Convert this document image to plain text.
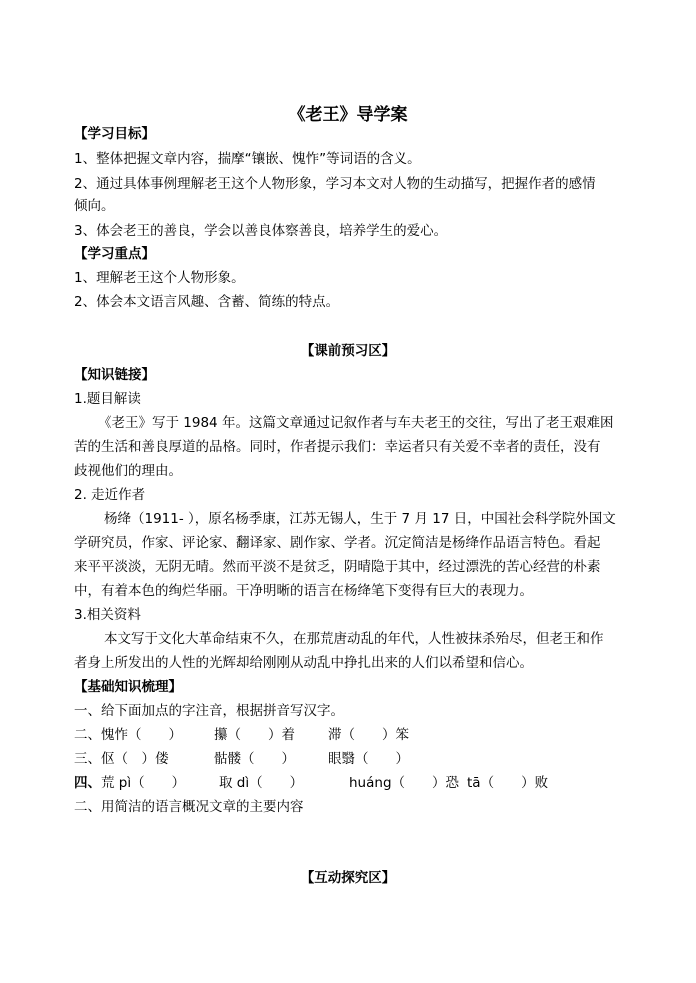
《老王》导学案
【学习目标】
1、整体把握文章内容，揣摩“镶嵌、愧怍”等词语的含义。
2、通过具体事例理解老王这个人物形象，学习本文对人物的生动描写，把握作者的感情
倾向。
3、体会老王的善良，学会以善良体察善良，培养学生的爱心。
【学习重点】
1、理解老王这个人物形象。
2、体会本文语言风趣、含蓄、简练的特点。
【课前预习区】
【知识链接】
1.题目解读
《老王》写于 1984 年。这篇文章通过记叙作者与车夫老王的交往，写出了老王艰难困
苦的生活和善良厚道的品格。同时，作者提示我们：幸运者只有关爱不幸者的责任，没有
歧视他们的理由。
2. 走近作者
杨绛（1911- ），原名杨季康，江苏无锡人，生于 7 月 17 日，中国社会科学院外国文
学研究员，作家、评论家、翻译家、剧作家、学者。沉定简洁是杨绛作品语言特色。看起
来平平淡淡，无阴无晴。然而平淡不是贫乏，阴晴隐于其中，经过漂洗的苦心经营的朴素
中，有着本色的绚烂华丽。干净明晰的语言在杨绛笔下变得有巨大的表现力。
3.相关资料
本文写于文化大革命结束不久，在那荒唐动乱的年代，人性被抹杀殆尽，但老王和作
者身上所发出的人性的光辉却给刚刚从动乱中挣扎出来的人们以希望和信心。
【基础知识梳理】
一、给下面加点的字注音，根据拼音写汉字。
二、愧怍（　　） 攥（　　）着 滞（　　）笨
三、伛（　）偻	骷髅（　　） 眼翳（　　）
四、荒 pì（　　）	取 dì（　　）	huáng（　　）恐 tā（　　）败
二、用简洁的语言概况文章的主要内容
【互动探究区】
